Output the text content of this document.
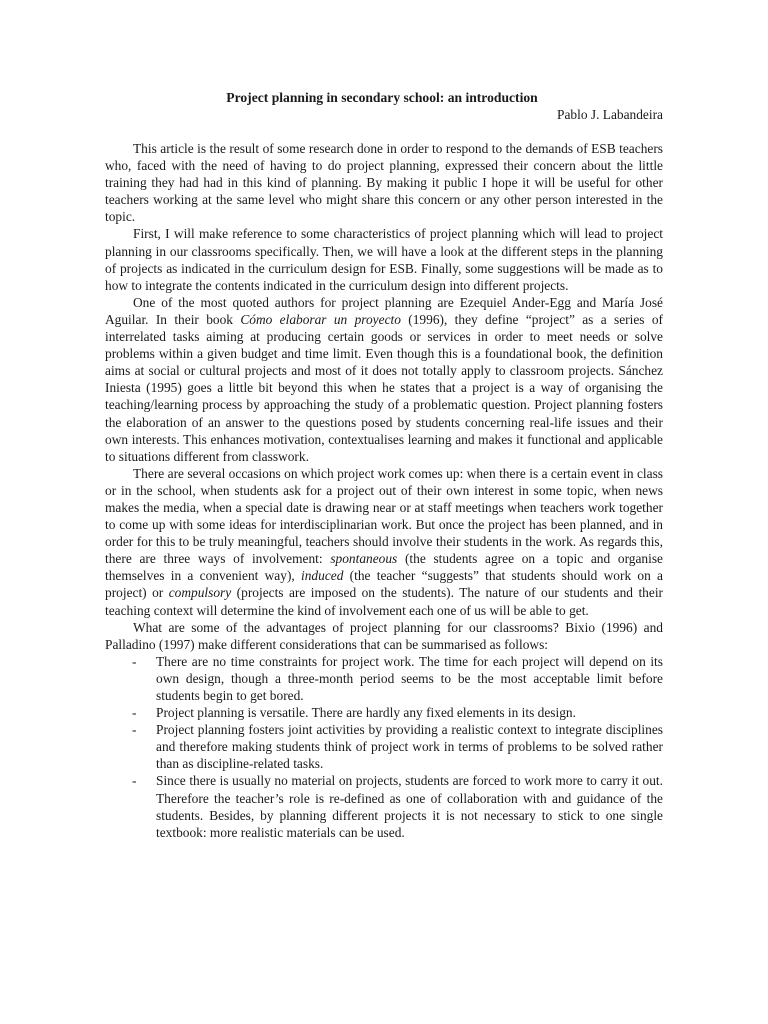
Project planning in secondary school: an introduction
Pablo J. Labandeira

This article is the result of some research done in order to respond to the demands of ESB teachers who, faced with the need of having to do project planning, expressed their concern about the little training they had had in this kind of planning. By making it public I hope it will be useful for other teachers working at the same level who might share this concern or any other person interested in the topic.

First, I will make reference to some characteristics of project planning which will lead to project planning in our classrooms specifically. Then, we will have a look at the different steps in the planning of projects as indicated in the curriculum design for ESB. Finally, some suggestions will be made as to how to integrate the contents indicated in the curriculum design into different projects.

One of the most quoted authors for project planning are Ezequiel Ander-Egg and María José Aguilar. In their book Cómo elaborar un proyecto (1996), they define “project” as a series of interrelated tasks aiming at producing certain goods or services in order to meet needs or solve problems within a given budget and time limit. Even though this is a foundational book, the definition aims at social or cultural projects and most of it does not totally apply to classroom projects. Sánchez Iniesta (1995) goes a little bit beyond this when he states that a project is a way of organising the teaching/learning process by approaching the study of a problematic question. Project planning fosters the elaboration of an answer to the questions posed by students concerning real-life issues and their own interests. This enhances motivation, contextualises learning and makes it functional and applicable to situations different from classwork.

There are several occasions on which project work comes up: when there is a certain event in class or in the school, when students ask for a project out of their own interest in some topic, when news makes the media, when a special date is drawing near or at staff meetings when teachers work together to come up with some ideas for interdisciplinarian work. But once the project has been planned, and in order for this to be truly meaningful, teachers should involve their students in the work. As regards this, there are three ways of involvement: spontaneous (the students agree on a topic and organise themselves in a convenient way), induced (the teacher “suggests” that students should work on a project) or compulsory (projects are imposed on the students). The nature of our students and their teaching context will determine the kind of involvement each one of us will be able to get.

What are some of the advantages of project planning for our classrooms? Bixio (1996) and Palladino (1997) make different considerations that can be summarised as follows:

- There are no time constraints for project work. The time for each project will depend on its own design, though a three-month period seems to be the most acceptable limit before students begin to get bored.
- Project planning is versatile. There are hardly any fixed elements in its design.
- Project planning fosters joint activities by providing a realistic context to integrate disciplines and therefore making students think of project work in terms of problems to be solved rather than as discipline-related tasks.
- Since there is usually no material on projects, students are forced to work more to carry it out. Therefore the teacher’s role is re-defined as one of collaboration with and guidance of the students. Besides, by planning different projects it is not necessary to stick to one single textbook: more realistic materials can be used.
